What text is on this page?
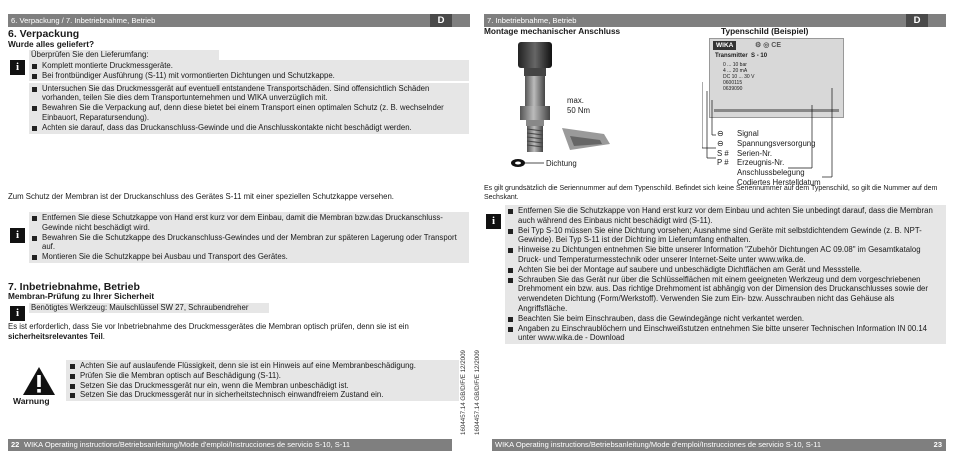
6. Verpackung / 7. Inbetriebnahme, Betrieb	D
6. Verpackung
Wurde alles geliefert?
i
Überprüfen Sie den Lieferumfang:
Komplett montierte Druckmessgeräte.
Bei frontbündiger Ausführung (S-11) mit vormontierten Dichtungen und Schutzkappe.
Untersuchen Sie das Druckmessgerät auf eventuell entstandene Transportschäden. Sind offensichtlich Schäden vorhanden, teilen Sie dies dem Transportunternehmen und WIKA unverzüglich mit.
Bewahren Sie die Verpackung auf, denn diese bietet bei einem Transport einen optimalen Schutz (z. B. wechselnder Einbauort, Reparatursendung).
Achten sie darauf, dass das Druckanschluss-Gewinde und die Anschlusskontakte nicht beschädigt werden.
Zum Schutz der Membran ist der Druckanschluss des Gerätes S-11 mit einer speziellen Schutzkappe versehen.
i
Entfernen Sie diese Schutzkappe von Hand erst kurz vor dem Einbau, damit die Membran bzw.das Druckanschluss-Gewinde nicht beschädigt wird.
Bewahren Sie die Schutzkappe des Druckanschluss-Gewindes und der Membran zur späteren Lagerung oder Transport auf.
Montieren Sie die Schutzkappe bei Ausbau und Transport des Gerätes.
7. Inbetriebnahme, Betrieb
Membran-Prüfung zu Ihrer Sicherheit
i	Benötigtes Werkzeug: Maulschlüssel SW 27, Schraubendreher
Es ist erforderlich, dass Sie vor Inbetriebnahme des Druckmessgerätes die Membran optisch prüfen, denn sie ist ein sicherheitsrelevantes Teil.
Warnung
Achten Sie auf auslaufende Flüssigkeit, denn sie ist ein Hinweis auf eine Membranbeschädigung.
Prüfen Sie die Membran optisch auf Beschädigung (S-11).
Setzen Sie das Druckmessgerät nur ein, wenn die Membran unbeschädigt ist.
Setzen Sie das Druckmessgerät nur in sicherheitstechnisch einwandfreiem Zustand ein.	1604457.14 GB/D/F/E 12/2009
22 WIKA Operating instructions/Betriebsanleitung/Mode d'emploi/Instrucciones de servicio S-10, S-11
7. Inbetriebnahme, Betrieb	D
Montage mechanischer Anschluss	Typenschild (Beispiel)
max.
50 Nm
Dichtung
WIKA	⚙ ◎ CE
Transmitter S - 10
0 ... 10 bar
4 ... 20 mA
DC 10 ... 30 V
0600115
0639090
⊖ Signal
⊖ Spannungsversorgung
S # Serien-Nr.
P # Erzeugnis-Nr.
Anschlussbelegung
Codiertes Herstelldatum
Es gilt grundsätzlich die Seriennummer auf dem Typenschild. Befindet sich keine Seriennummer auf dem Typenschild, so gilt die Nummer auf dem Sechskant.
i
Entfernen Sie die Schutzkappe von Hand erst kurz vor dem Einbau und achten Sie unbedingt darauf, dass die Membran auch während des Einbaus nicht beschädigt wird (S-11).
Bei Typ S-10 müssen Sie eine Dichtung vorsehen; Ausnahme sind Geräte mit selbstdichtendem Gewinde (z. B. NPT-Gewinde). Bei Typ S-11 ist der Dichtring im Lieferumfang enthalten.
Hinweise zu Dichtungen entnehmen Sie bitte unserer Information "Zubehör Dichtungen AC 09.08" im Gesamtkatalog Druck- und Temperaturmesstechnik oder unserer Internet-Seite unter www.wika.de.
Achten Sie bei der Montage auf saubere und unbeschädigte Dichtflächen am Gerät und Messstelle.
Schrauben Sie das Gerät nur über die Schlüsselflächen mit einem geeigneten Werkzeug und dem vorgeschriebenen Drehmoment ein bzw. aus. Das richtige Drehmoment ist abhängig von der Dimension des Druckanschlusses sowie der verwendeten Dichtung (Form/Werkstoff). Verwenden Sie zum Ein- bzw. Ausschrauben nicht das Gehäuse als Angriffsfläche.
Beachten Sie beim Einschrauben, dass die Gewindegänge nicht verkantet werden.
Angaben zu Einschraublöchern und Einschweißstutzen entnehmen Sie bitte unserer Technischen Information IN 00.14 unter www.wika.de - Download
1604457.14 GB/D/F/E 12/2009
WIKA Operating instructions/Betriebsanleitung/Mode d'emploi/Instrucciones de servicio S-10, S-11	23
